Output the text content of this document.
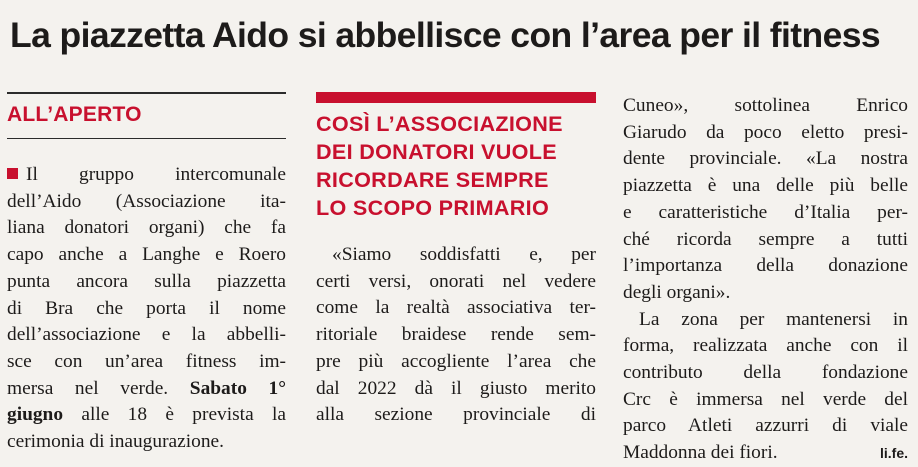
La piazzetta Aido si abbellisce con l’area per il fitness
ALL’APERTO
Il gruppo intercomunale
dell’Aido (Associazione ita-
liana donatori organi) che fa
capo anche a Langhe e Roero
punta ancora sulla piazzetta
di Bra che porta il nome
dell’associazione e la abbelli-
sce con un’area fitness im-
mersa nel verde. Sabato 1°
giugno alle 18 è prevista la
cerimonia di inaugurazione.
COSÌ L’ASSOCIAZIONE
DEI DONATORI VUOLE
RICORDARE SEMPRE
LO SCOPO PRIMARIO
«Siamo soddisfatti e, per
certi versi, onorati nel vedere
come la realtà associativa ter-
ritoriale braidese rende sem-
pre più accogliente l’area che
dal 2022 dà il giusto merito
alla sezione provinciale di
Cuneo», sottolinea Enrico
Giarudo da poco eletto presi-
dente provinciale. «La nostra
piazzetta è una delle più belle
e caratteristiche d’Italia per-
ché ricorda sempre a tutti
l’importanza della donazione
degli organi».
La zona per mantenersi in
forma, realizzata anche con il
contributo della fondazione
Crc è immersa nel verde del
parco Atleti azzurri di viale
Maddonna dei fiori.	li.fe.
